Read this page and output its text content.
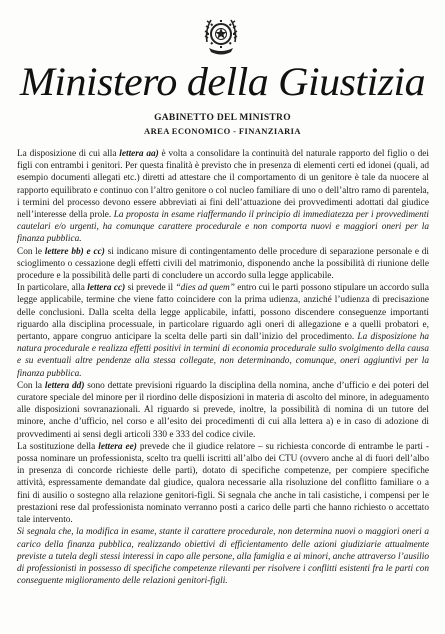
Ministero della Giustizia
GABINETTO DEL MINISTRO
AREA ECONOMICO - FINANZIARIA

La disposizione di cui alla lettera aa) è volta a consolidare la continuità del naturale rapporto del figlio o dei figli con entrambi i genitori. Per questa finalità è previsto che in presenza di elementi certi ed idonei (quali, ad esempio documenti allegati etc.) diretti ad attestare che il comportamento di un genitore è tale da nuocere al rapporto equilibrato e continuo con l’altro genitore o col nucleo familiare di uno o dell’altro ramo di parentela, i termini del processo devono essere abbreviati ai fini dell’attuazione dei provvedimenti adottati dal giudice nell’interesse della prole. La proposta in esame riaffermando il principio di immediatezza per i provvedimenti cautelari e/o urgenti, ha comunque carattere procedurale e non comporta nuovi e maggiori oneri per la finanza pubblica.

Con le lettere bb) e cc) si indicano misure di contingentamento delle procedure di separazione personale e di scioglimento o cessazione degli effetti civili del matrimonio, disponendo anche la possibilità di riunione delle procedure e la possibilità delle parti di concludere un accordo sulla legge applicabile.

In particolare, alla lettera cc) si prevede il “dies ad quem” entro cui le parti possono stipulare un accordo sulla legge applicabile, termine che viene fatto coincidere con la prima udienza, anziché l’udienza di precisazione delle conclusioni. Dalla scelta della legge applicabile, infatti, possono discendere conseguenze importanti riguardo alla disciplina processuale, in particolare riguardo agli oneri di allegazione e a quelli probatori e, pertanto, appare congruo anticipare la scelta delle parti sin dall’inizio del procedimento. La disposizione ha natura procedurale e realizza effetti positivi in termini di economia procedurale sullo svolgimento della causa e su eventuali altre pendenze alla stessa collegate, non determinando, comunque, oneri aggiuntivi per la finanza pubblica.

Con la lettera dd) sono dettate previsioni riguardo la disciplina della nomina, anche d’ufficio e dei poteri del curatore speciale del minore per il riordino delle disposizioni in materia di ascolto del minore, in adeguamento alle disposizioni sovranazionali. Al riguardo si prevede, inoltre, la possibilità di nomina di un tutore del minore, anche d’ufficio, nel corso e all’esito dei procedimenti di cui alla lettera a) e in caso di adozione di provvedimenti ai sensi degli articoli 330 e 333 del codice civile.

La sostituzione della lettera ee) prevede che il giudice relatore – su richiesta concorde di entrambe le parti - possa nominare un professionista, scelto tra quelli iscritti all’albo dei CTU (ovvero anche al di fuori dell’albo in presenza di concorde richieste delle parti), dotato di specifiche competenze, per compiere specifiche attività, espressamente demandate dal giudice, qualora necessarie alla risoluzione del conflitto familiare o a fini di ausilio o sostegno alla relazione genitori-figli. Si segnala che anche in tali casistiche, i compensi per le prestazioni rese dal professionista nominato verranno posti a carico delle parti che hanno richiesto o accettato tale intervento.

Si segnala che, la modifica in esame, stante il carattere procedurale, non determina nuovi o maggiori oneri a carico della finanza pubblica, realizzando obiettivi di efficientamento delle azioni giudiziarie attualmente previste a tutela degli stessi interessi in capo alle persone, alla famiglia e ai minori, anche attraverso l’ausilio di professionisti in possesso di specifiche competenze rilevanti per risolvere i conflitti esistenti fra le parti con conseguente miglioramento delle relazioni genitori-figli.
